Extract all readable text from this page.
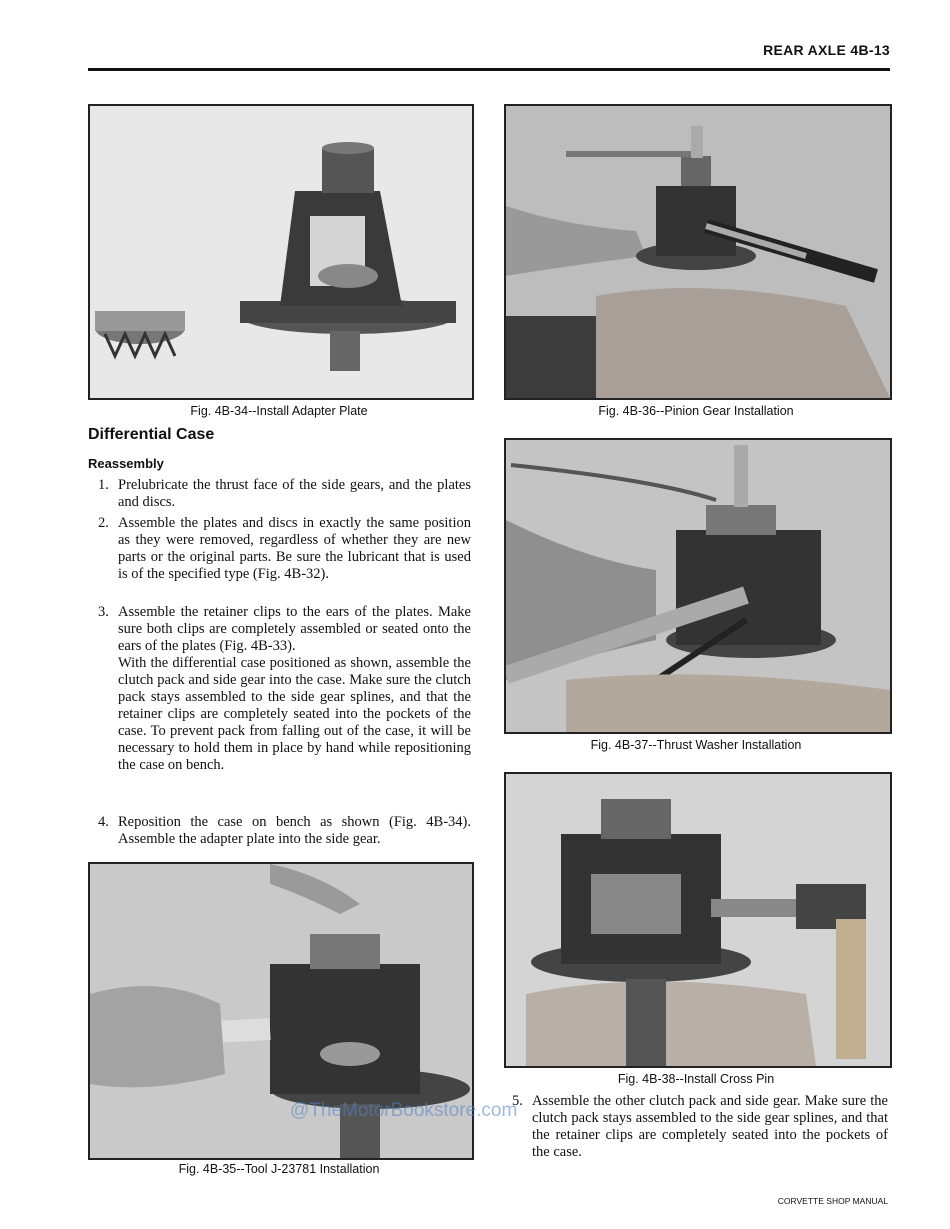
REAR AXLE 4B-13
Fig. 4B-34--Install Adapter Plate	Fig. 4B-36--Pinion Gear Installation
Differential Case
Reassembly
1. Prelubricate the thrust face of the side gears, and the plates and discs.
2. Assemble the plates and discs in exactly the same position as they were removed, regardless of whether they are new parts or the original parts. Be sure the lubricant that is used is of the specified type (Fig. 4B-32).
3. Assemble the retainer clips to the ears of the plates. Make sure both clips are completely assembled or seated onto the ears of the plates (Fig. 4B-33).
With the differential case positioned as shown, assemble the clutch pack and side gear into the case. Make sure the clutch pack stays assembled to the side gear splines, and that the retainer clips are completely seated into the pockets of the case. To prevent pack from falling out of the case, it will be necessary to hold them in place by hand while repositioning the case on bench.
4. Reposition the case on bench as shown (Fig. 4B-34). Assemble the adapter plate into the side gear.
Fig. 4B-37--Thrust Washer Installation
Fig. 4B-35--Tool J-23781 Installation
Fig. 4B-38--Install Cross Pin
5. Assemble the other clutch pack and side gear. Make sure the clutch pack stays assembled to the side gear splines, and that the retainer clips are completely seated into the pockets of the case.
@TheMotorBookstore.com
CORVETTE SHOP MANUAL
